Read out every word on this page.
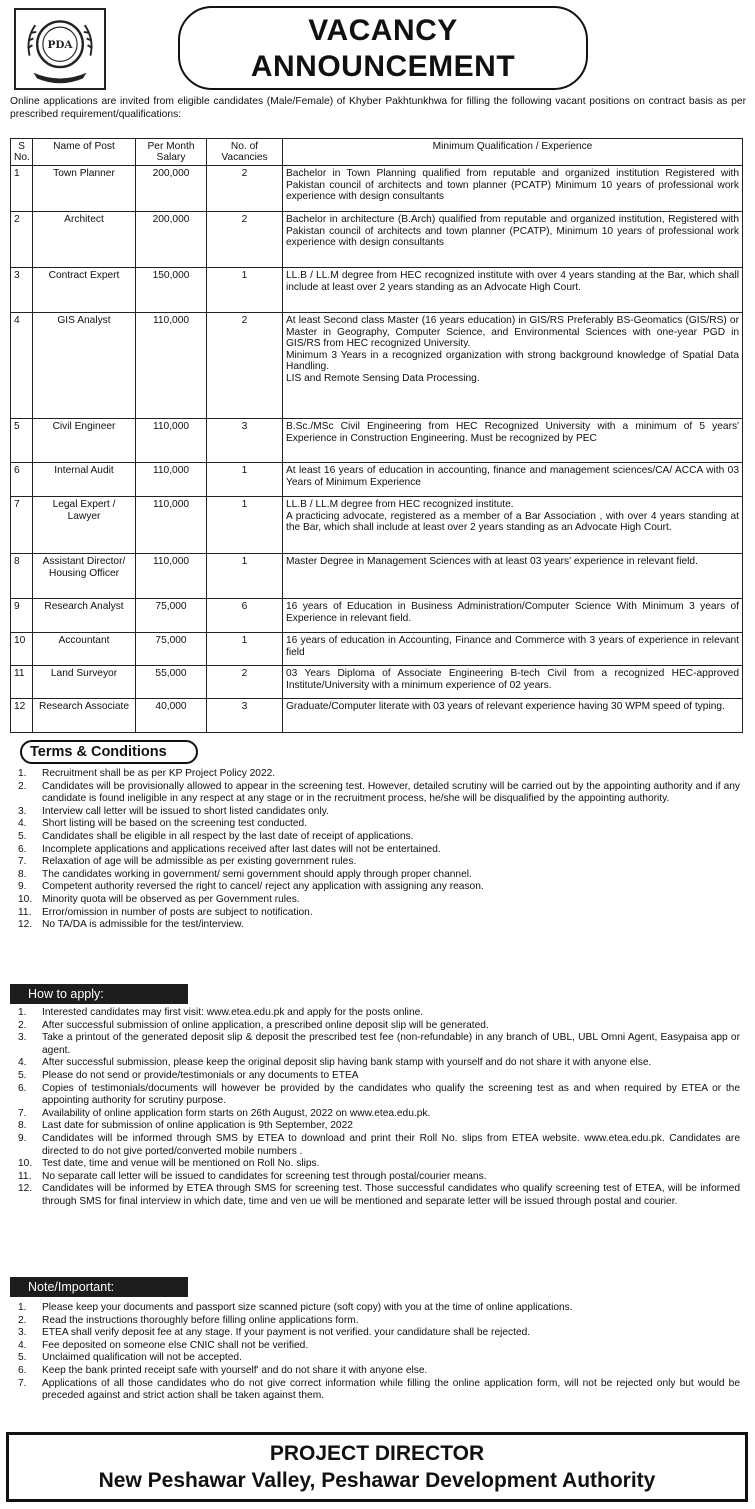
PDA	VACANCY
ANNOUNCEMENT

Online applications are invited from eligible candidates (Male/Female) of Khyber Pakhtunkhwa for filling the following vacant positions on contract basis as per prescribed requirement/qualifications:

S No.	Name of Post	Per Month Salary	No. of Vacancies	Minimum Qualification / Experience
1	Town Planner	200,000	2	Bachelor in Town Planning qualified from reputable and organized institution Registered with Pakistan council of architects and town planner (PCATP) Minimum 10 years of professional work experience with design consultants
2	Architect	200,000	2	Bachelor in architecture (B.Arch) qualified from reputable and organized institution, Registered with Pakistan council of architects and town planner (PCATP), Minimum 10 years of professional work experience with design consultants
3	Contract Expert	150,000	1	LL.B / LL.M degree from HEC recognized institute with over 4 years standing at the Bar, which shall include at least over 2 years standing as an Advocate High Court.
4	GIS Analyst	110,000	2	At least Second class Master (16 years education) in GIS/RS Preferably BS-Geomatics (GIS/RS) or Master in Geography, Computer Science, and Environmental Sciences with one-year PGD in GIS/RS from HEC recognized University.
Minimum 3 Years in a recognized organization with strong background knowledge of Spatial Data Handling.
LIS and Remote Sensing Data Processing.

5	Civil Engineer	110,000	3	B.Sc./MSc Civil Engineering from HEC Recognized University with a minimum of 5 years' Experience in Construction Engineering. Must be recognized by PEC
6	Internal Audit	110,000	1	At least 16 years of education in accounting, finance and management sciences/CA/ ACCA with 03 Years of Minimum Experience
7	Legal Expert / Lawyer	110,000	1	LL.B / LL.M degree from HEC recognized institute.
A practicing advocate, registered as a member of a Bar Association , with over 4 years standing at the Bar, which shall include at least over 2 years standing as an Advocate High Court.

8	Assistant Director/ Housing Officer	110,000	1	Master Degree in Management Sciences with at least 03 years' experience in relevant field.
9	Research Analyst	75,000	6	16 years of Education in Business Administration/Computer Science With Minimum 3 years of Experience in relevant field.
10	Accountant	75,000	1	16 years of education in Accounting, Finance and Commerce with 3 years of experience in relevant field
11	Land Surveyor	55,000	2	03 Years Diploma of Associate Engineering B-tech Civil from a recognized HEC-approved Institute/University with a minimum experience of 02 years.
12	Research Associate	40,000	3	Graduate/Computer literate with 03 years of relevant experience having 30 WPM speed of typing.
Terms & Conditions
1. Recruitment shall be as per KP Project Policy 2022.
2. Candidates will be provisionally allowed to appear in the screening test. However, detailed scrutiny will be carried out by the appointing authority and if any candidate is found ineligible in any respect at any stage or in the recruitment process, he/she will be disqualified by the appointing authority.
3. Interview call letter will be issued to short listed candidates only.
4. Short listing will be based on the screening test conducted.
5. Candidates shall be eligible in all respect by the last date of receipt of applications.
6. Incomplete applications and applications received after last dates will not be entertained.
7. Relaxation of age will be admissible as per existing government rules.
8. The candidates working in government/ semi government should apply through proper channel.
9. Competent authority reversed the right to cancel/ reject any application with assigning any reason.
10. Minority quota will be observed as per Government rules.
11. Error/omission in number of posts are subject to notification.
12. No TA/DA is admissible for the test/interview.
How to apply:
1. Interested candidates may first visit: www.etea.edu.pk and apply for the posts online.
2. After successful submission of online application, a prescribed online deposit slip will be generated.
3. Take a printout of the generated deposit slip & deposit the prescribed test fee (non-refundable) in any branch of UBL, UBL Omni Agent, Easypaisa app or agent.
4. After successful submission, please keep the original deposit slip having bank stamp with yourself and do not share it with anyone else.
5. Please do not send or provide/testimonials or any documents to ETEA
6. Copies of testimonials/documents will however be provided by the candidates who qualify the screening test as and when required by ETEA or the appointing authority for scrutiny purpose.
7. Availability of online application form starts on 26th August, 2022 on www.etea.edu.pk.
8. Last date for submission of online application is 9th September, 2022
9. Candidates will be informed through SMS by ETEA to download and print their Roll No. slips from ETEA website. www.etea.edu.pk. Candidates are directed to do not give ported/converted mobile numbers .
10. Test date, time and venue will be mentioned on Roll No. slips.
11. No separate call letter will be issued to candidates for screening test through postal/courier means.
12. Candidates will be informed by ETEA through SMS for screening test. Those successful candidates who qualify screening test of ETEA, will be informed through SMS for final interview in which date, time and ven ue will be mentioned and separate letter will be issued through postal and courier.
Note/Important:
1. Please keep your documents and passport size scanned picture (soft copy) with you at the time of online applications.
2. Read the instructions thoroughly before filling online applications form.
3. ETEA shall verify deposit fee at any stage. If your payment is not verified. your candidature shall be rejected.
4. Fee deposited on someone else CNIC shall not be verified.
5. Unclaimed qualification will not be accepted.
6. Keep the bank printed receipt safe with yourself' and do not share it with anyone else.
7. Applications of all those candidates who do not give correct information while filling the online application form, will not be rejected only but would be preceded against and strict action shall be taken against them.
PROJECT DIRECTOR
New Peshawar Valley, Peshawar Development Authority
